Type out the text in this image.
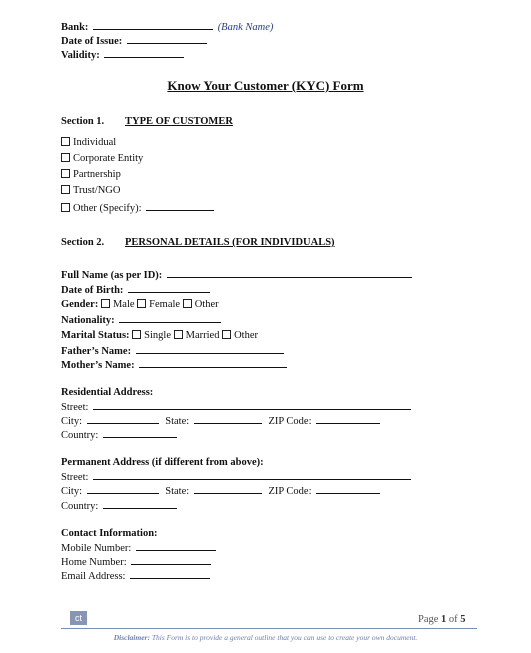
Bank:	(Bank Name)
Date of Issue:
Validity:
Know Your Customer (KYC) Form
Section 1. TYPE OF CUSTOMER
Individual
Corporate Entity
Partnership
Trust/NGO
Other (Specify):
Section 2. PERSONAL DETAILS (FOR INDIVIDUALS)
Full Name (as per ID):
Date of Birth:
Gender: Male Female Other
Nationality:
Marital Status: Single Married Other
Father’s Name:
Mother’s Name:
Residential Address:
Street:
City:	State:	ZIP Code:
Country:
Permanent Address (if different from above):
Street:
City:	State:	ZIP Code:
Country:
Contact Information:
Mobile Number:
Home Number:
Email Address:
ct	Page 1 of 5
Disclaimer: This Form is to provide a general outline that you can use to create your own document.
